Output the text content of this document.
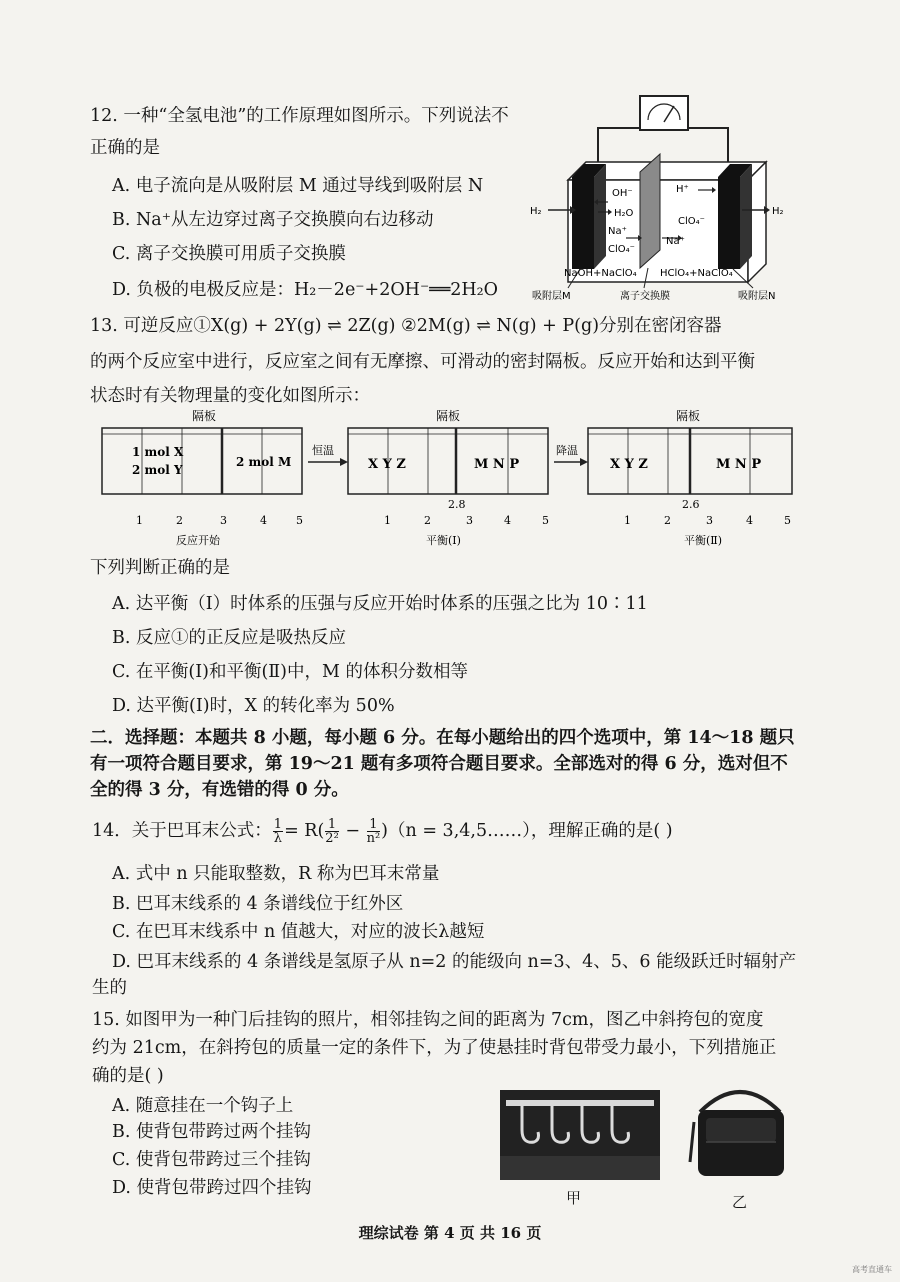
12. 一种“全氢电池”的工作原理如图所示。下列说法不
正确的是
A. 电子流向是从吸附层 M 通过导线到吸附层 N
B. Na⁺从左边穿过离子交换膜向右边移动
C. 离子交换膜可用质子交换膜
D. 负极的电极反应是：H₂－2e⁻+2OH⁻══2H₂O
H₂	H₂
OH⁻
H₂O
Na⁺
ClO₄⁻
H⁺
ClO₄⁻
Na⁺
NaOH+NaClO₄ HClO₄+NaClO₄
吸附层M	离子交换膜	吸附层N
13. 可逆反应①X(g) + 2Y(g) ⇌ 2Z(g) ②2M(g) ⇌ N(g) + P(g)分别在密闭容器
的两个反应室中进行，反应室之间有无摩擦、可滑动的密封隔板。反应开始和达到平衡
状态时有关物理量的变化如图所示：
隔板
1 mol X
2 mol Y
2 mol M
恒温
隔板
X Y Z	M N P
2.8
降温
隔板
X Y Z	M N P
2.6
1	2	3	4	5	1	2	3	4	5	1	2	3	4	5
反应开始	平衡(Ⅰ)	平衡(Ⅱ)
下列判断正确的是
A. 达平衡（Ⅰ）时体系的压强与反应开始时体系的压强之比为 10∶11
B. 反应①的正反应是吸热反应
C. 在平衡(Ⅰ)和平衡(Ⅱ)中，M 的体积分数相等
D. 达平衡(Ⅰ)时，X 的转化率为 50%
二．选择题：本题共 8 小题，每小题 6 分。在每小题给出的四个选项中，第 14～18 题只
有一项符合题目要求，第 19～21 题有多项符合题目要求。全部选对的得 6 分，选对但不
全的得 3 分，有选错的得 0 分。
14．关于巴耳末公式： $\frac{1}{\lambda} = R( \frac{1}{\text{2²}} - \frac{1}{\text{n²}} )(n$ = 3,4,5……），理解正确的是( )
A. 式中 n 只能取整数，R 称为巴耳末常量
B. 巴耳末线系的 4 条谱线位于红外区
C. 在巴耳末线系中 n 值越大，对应的波长λ越短
D. 巴耳末线系的 4 条谱线是氢原子从 n=2 的能级向 n=3、4、5、6 能级跃迁时辐射产
生的
15. 如图甲为一种门后挂钩的照片，相邻挂钩之间的距离为 7cm，图乙中斜挎包的宽度
约为 21cm，在斜挎包的质量一定的条件下，为了使悬挂时背包带受力最小，下列措施正
确的是( )
A. 随意挂在一个钩子上
B. 使背包带跨过两个挂钩
C. 使背包带跨过三个挂钩
D. 使背包带跨过四个挂钩	甲	乙
理综试卷 第 4 页 共 16 页
高考直通车
